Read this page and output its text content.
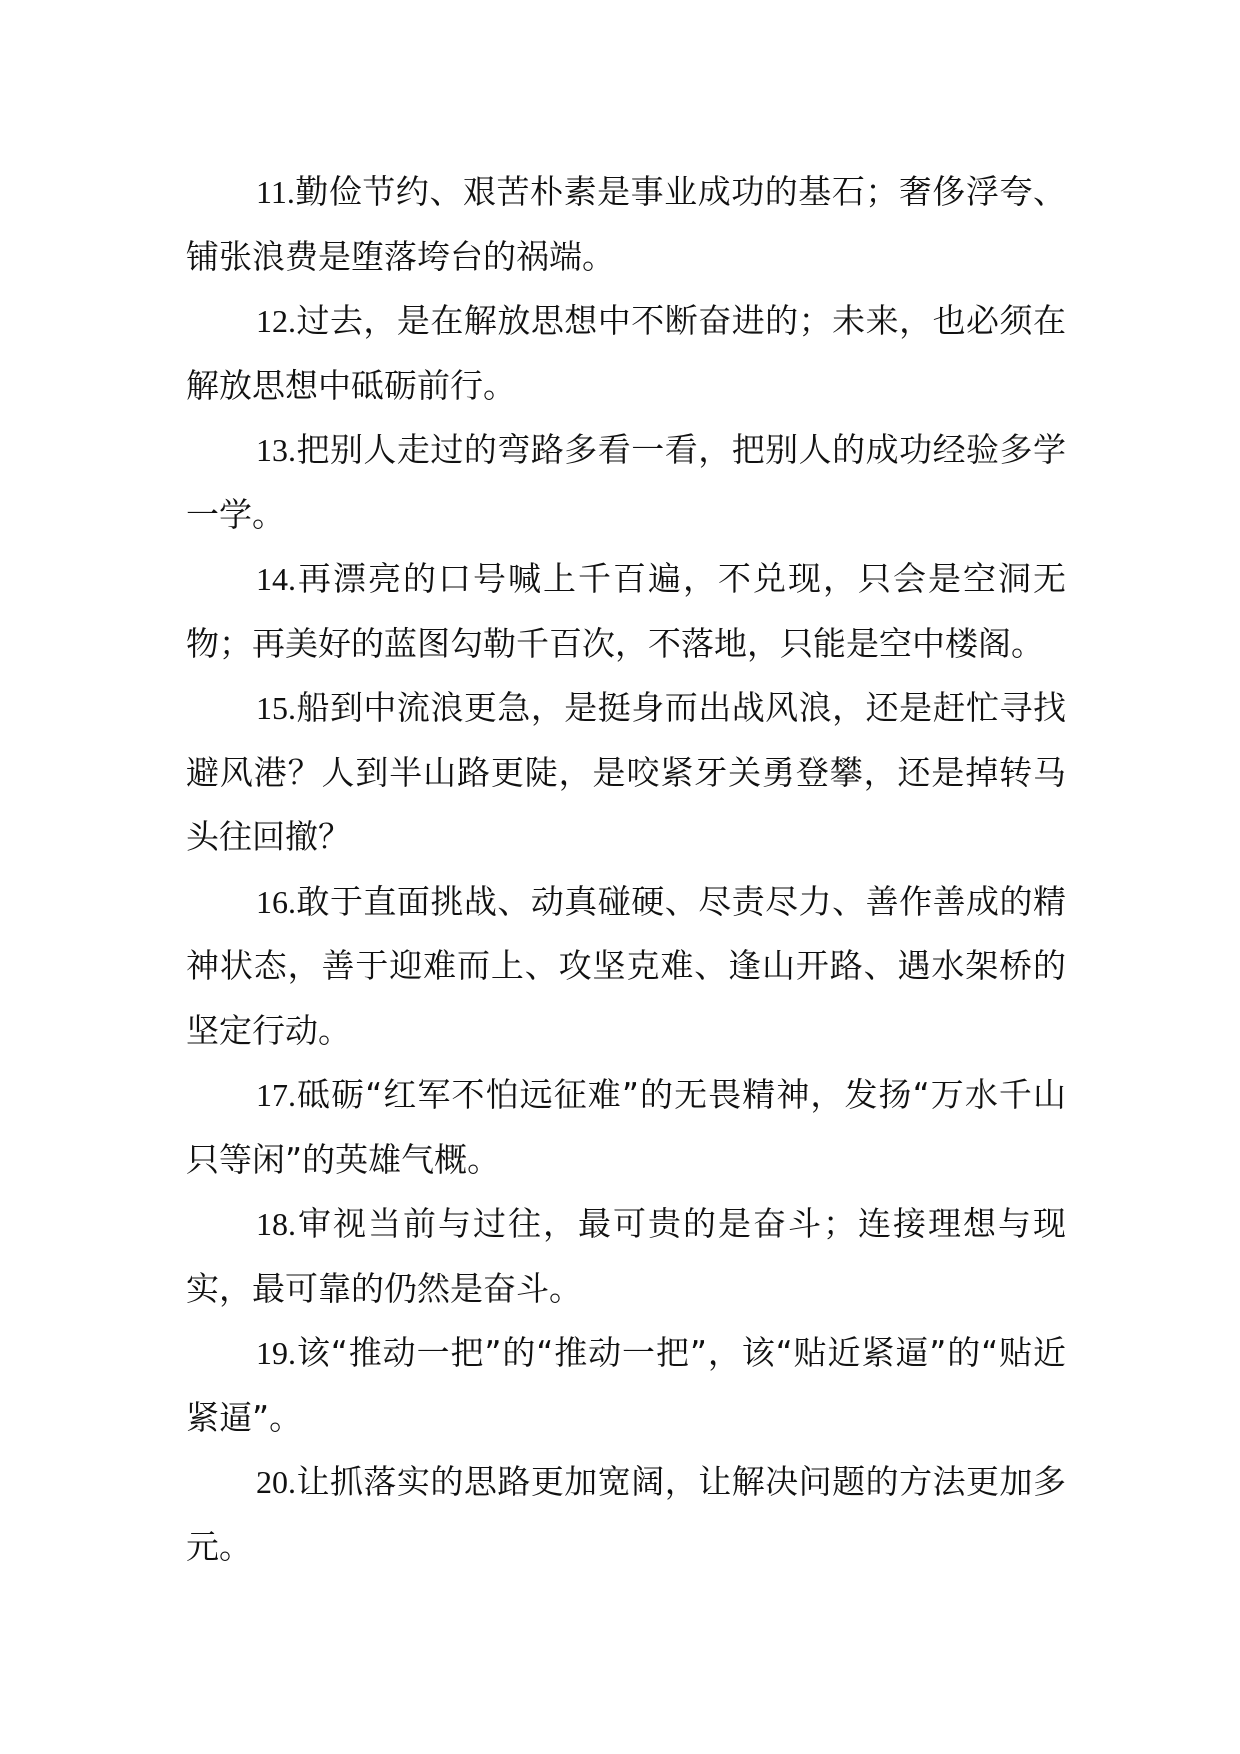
11.勤俭节约、艰苦朴素是事业成功的基石；奢侈浮夸、铺张浪费是堕落垮台的祸端。

12.过去，是在解放思想中不断奋进的；未来，也必须在解放思想中砥砺前行。

13.把别人走过的弯路多看一看，把别人的成功经验多学一学。

14.再漂亮的口号喊上千百遍，不兑现，只会是空洞无物；再美好的蓝图勾勒千百次，不落地，只能是空中楼阁。

15.船到中流浪更急，是挺身而出战风浪，还是赶忙寻找避风港？人到半山路更陡，是咬紧牙关勇登攀，还是掉转马头往回撤？

16.敢于直面挑战、动真碰硬、尽责尽力、善作善成的精神状态，善于迎难而上、攻坚克难、逢山开路、遇水架桥的坚定行动。

17.砥砺“红军不怕远征难”的无畏精神，发扬“万水千山只等闲”的英雄气概。

18.审视当前与过往，最可贵的是奋斗；连接理想与现实，最可靠的仍然是奋斗。

19.该“推动一把”的“推动一把”，该“贴近紧逼”的“贴近紧逼”。

20.让抓落实的思路更加宽阔，让解决问题的方法更加多元。
